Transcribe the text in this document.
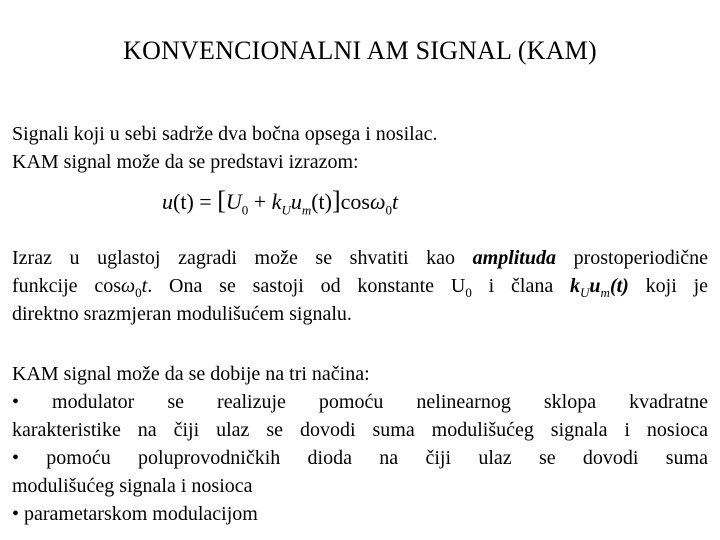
KONVENCIONALNI AM SIGNAL (KAM)
Signali koji u sebi sadrže dva bočna opsega i nosilac.
KAM signal može da se predstavi izrazom:
$u(t) = [U_0 + k_Uu_m(t)]\cos\omega_0t$
Izraz u uglastoj zagradi može se shvatiti kao amplituda prostoperiodične
funkcije cosω$_0$t. Ona se sastoji od konstante $U_0$ i člana $k_Uu_m(t)$ koji je
direktno srazmjeran modulišućem signalu.
KAM signal može da se dobije na tri načina:
• modulator se realizuje pomoću nelinearnog sklopa kvadratne
karakteristike na čiji ulaz se dovodi suma modulišućeg signala i nosioca
• pomoću poluprovodničkih dioda na čiji ulaz se dovodi suma
modulišućeg signala i nosioca
• parametarskom modulacijom
